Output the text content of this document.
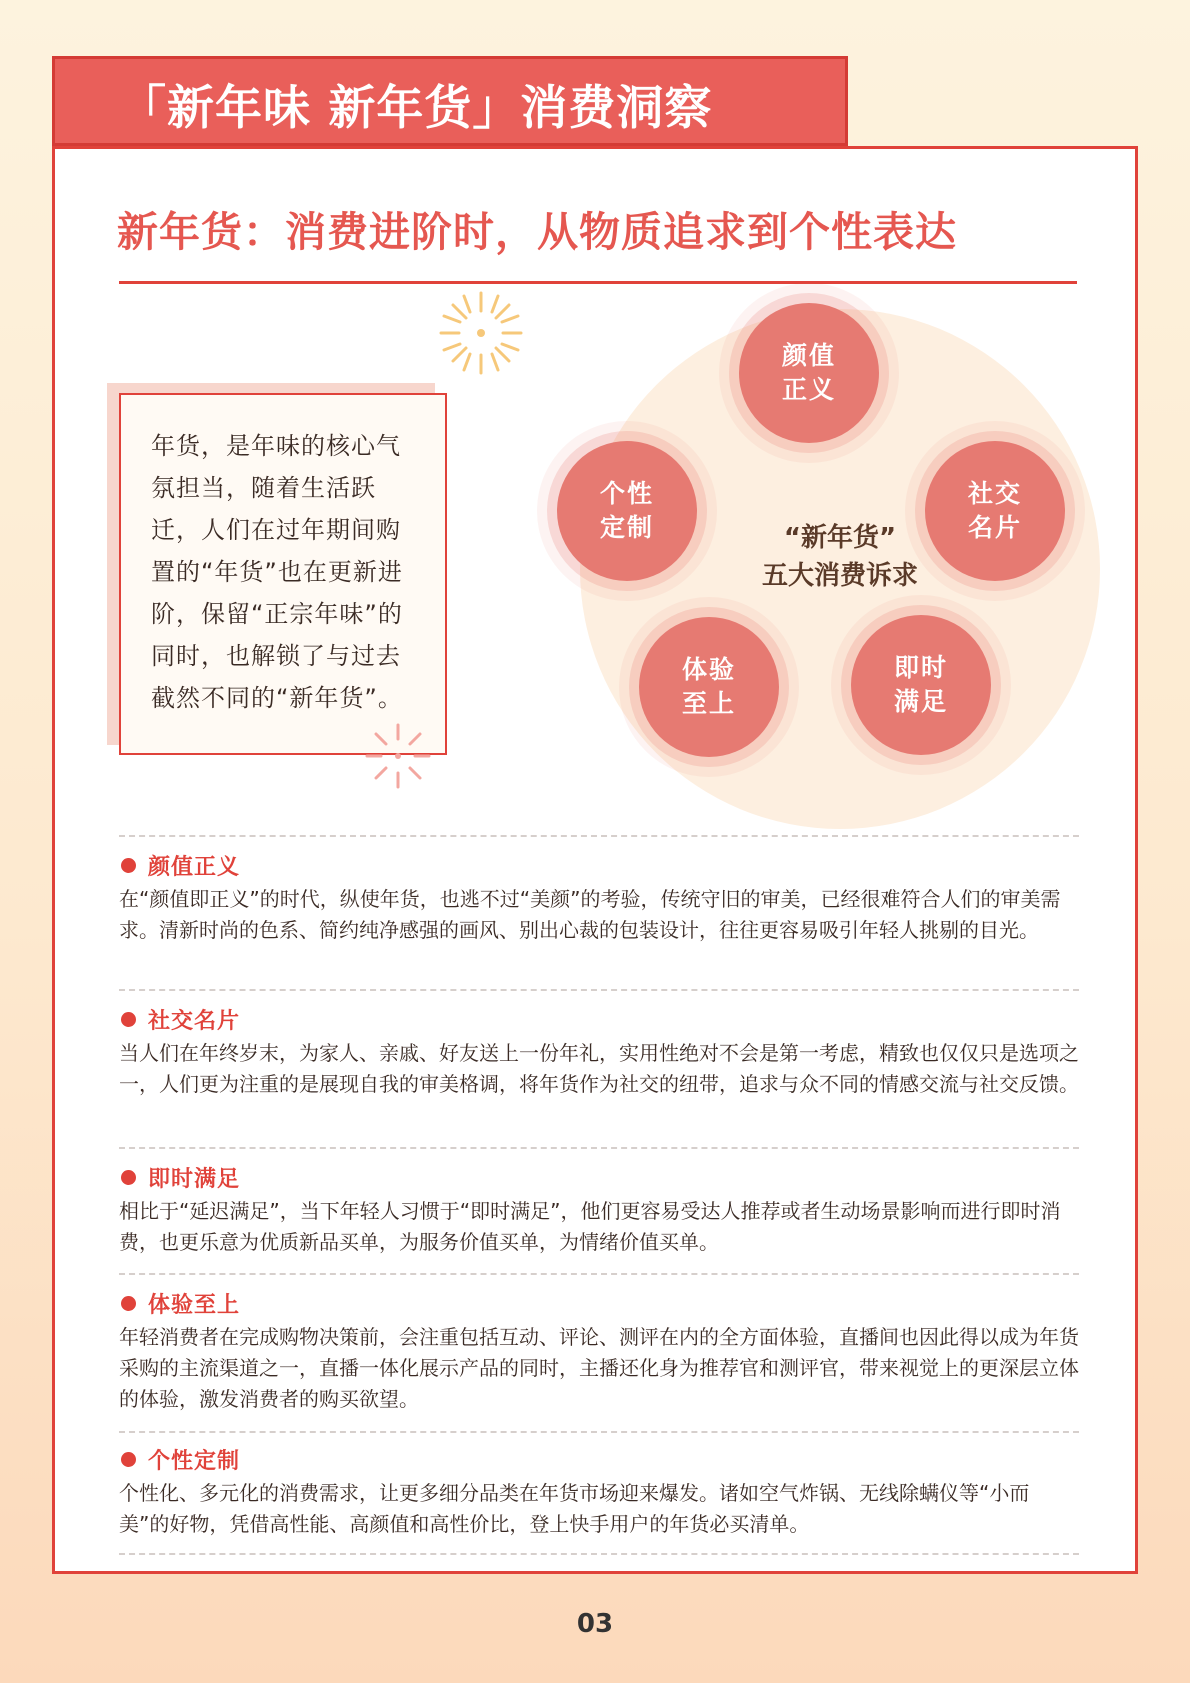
「新年味 新年货」消费洞察
新年货：消费进阶时，从物质追求到个性表达
年货，是年味的核心气氛担当，随着生活跃迁，人们在过年期间购置的“年货”也在更新进阶，保留“正宗年味”的同时，也解锁了与过去截然不同的“新年货”。
颜值正义
社交名片
即时满足
体验至上
个性定制	“新年货”
五大消费诉求
颜值正义
在“颜值即正义”的时代，纵使年货，也逃不过“美颜”的考验，传统守旧的审美，已经很难符合人们的审美需求。清新时尚的色系、简约纯净感强的画风、别出心裁的包装设计，往往更容易吸引年轻人挑剔的目光。
社交名片
当人们在年终岁末，为家人、亲戚、好友送上一份年礼，实用性绝对不会是第一考虑，精致也仅仅只是选项之一，人们更为注重的是展现自我的审美格调，将年货作为社交的纽带，追求与众不同的情感交流与社交反馈。
即时满足
相比于“延迟满足”，当下年轻人习惯于“即时满足”，他们更容易受达人推荐或者生动场景影响而进行即时消费，也更乐意为优质新品买单，为服务价值买单，为情绪价值买单。
体验至上
年轻消费者在完成购物决策前，会注重包括互动、评论、测评在内的全方面体验，直播间也因此得以成为年货采购的主流渠道之一，直播一体化展示产品的同时，主播还化身为推荐官和测评官，带来视觉上的更深层立体的体验，激发消费者的购买欲望。
个性定制
个性化、多元化的消费需求，让更多细分品类在年货市场迎来爆发。诸如空气炸锅、无线除螨仪等“小而美”的好物，凭借高性能、高颜值和高性价比，登上快手用户的年货必买清单。
03
